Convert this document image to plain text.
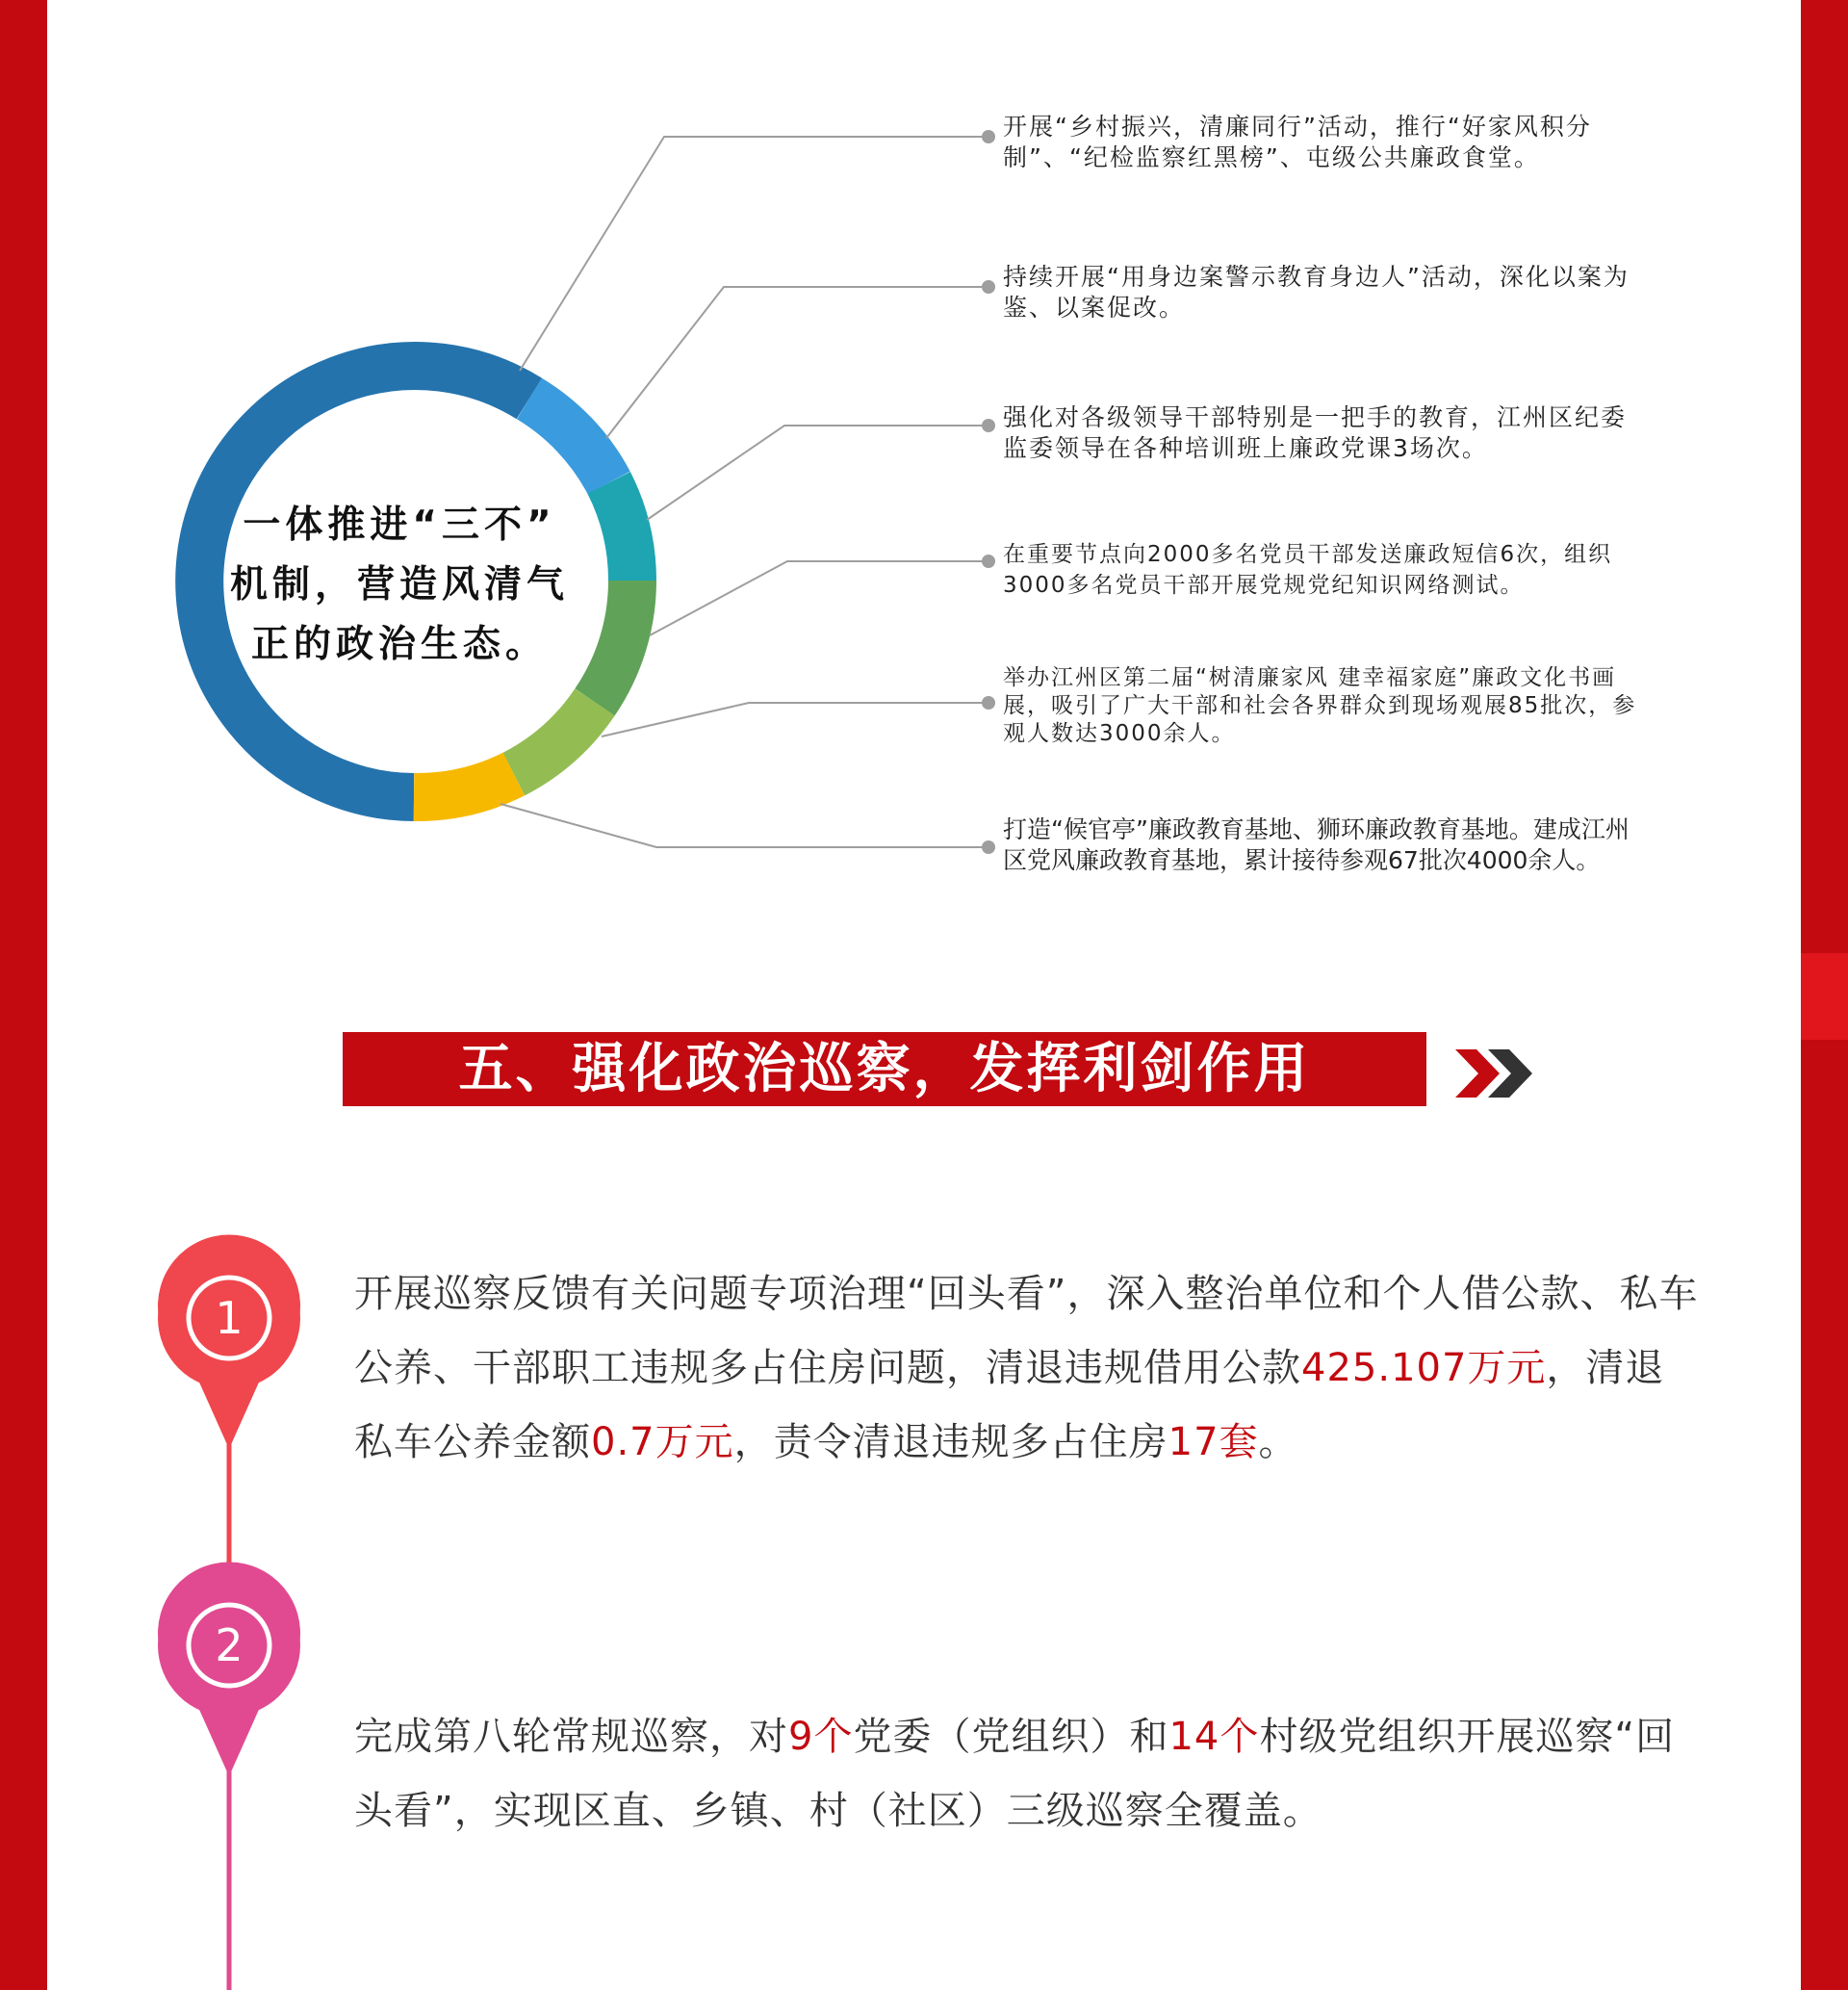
一体推进“三不”
机制，营造风清气
正的政治生态。
开展“乡村振兴，清廉同行”活动，推行“好家风积分制”、“纪检监察红黑榜”、屯级公共廉政食堂。
持续开展“用身边案警示教育身边人”活动，深化以案为鉴、以案促改。
强化对各级领导干部特别是一把手的教育，江州区纪委监委领导在各种培训班上廉政党课3场次。
在重要节点向2000多名党员干部发送廉政短信6次，组织3000多名党员干部开展党规党纪知识网络测试。
举办江州区第二届“树清廉家风 建幸福家庭”廉政文化书画展，吸引了广大干部和社会各界群众到现场观展85批次，参观人数达3000余人。
打造“候官亭”廉政教育基地、狮环廉政教育基地。建成江州区党风廉政教育基地，累计接待参观67批次4000余人。
五、强化政治巡察，发挥利剑作用
1
2
开展巡察反馈有关问题专项治理“回头看”，深入整治单位和个人借公款、私车公养、干部职工违规多占住房问题，清退违规借用公款425.107万元，清退私车公养金额0.7万元，责令清退违规多占住房17套。
完成第八轮常规巡察，对9个党委（党组织）和14个村级党组织开展巡察“回头看”，实现区直、乡镇、村（社区）三级巡察全覆盖。
